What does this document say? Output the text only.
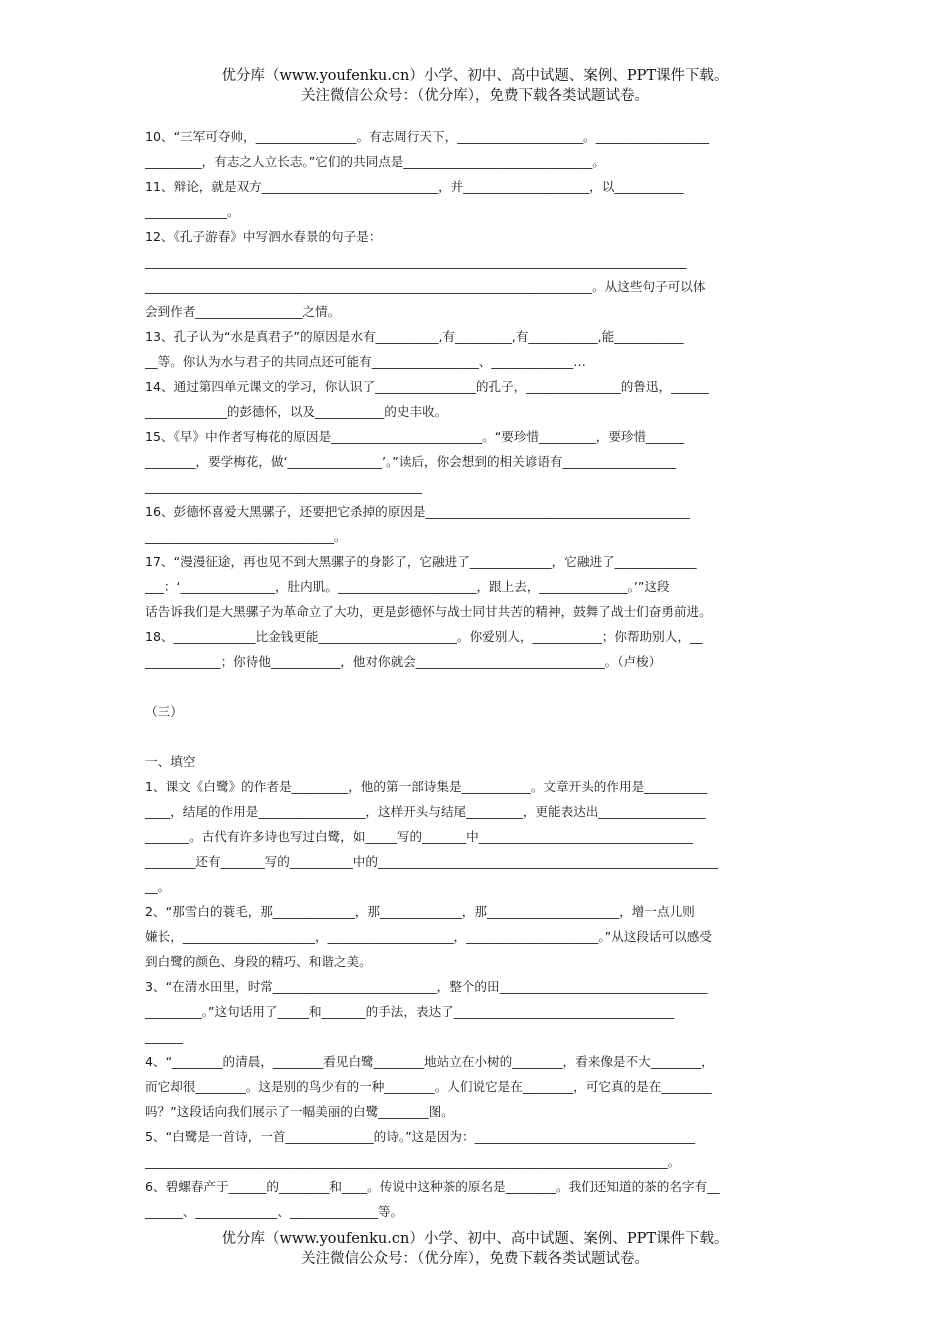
优分库（www.youfenku.cn）小学、初中、高中试题、案例、PPT课件下载。
关注微信公众号：（优分库），免费下载各类试题试卷。
10、“三军可夺帅，________________。有志周行天下，____________________。__________________
_________，有志之人立长志。”它们的共同点是______________________________。
11、辩论，就是双方____________________________，并____________________，以___________
_____________。
12、《孔子游春》中写泗水春景的句子是：
______________________________________________________________________________________
_______________________________________________________________________。从这些句子可以体
会到作者_________________之情。
13、孔子认为“水是真君子”的原因是水有__________,有_________,有___________,能___________
__等。你认为水与君子的共同点还可能有_________________、_____________…
14、通过第四单元课文的学习，你认识了________________的孔子，_______________的鲁迅，______
_____________的彭德怀，以及___________的史丰收。
15、《早》中作者写梅花的原因是________________________。“要珍惜_________，要珍惜______
________，要学梅花，做‘_______________’。”读后，你会想到的相关谚语有__________________
____________________________________________
16、彭德怀喜爱大黑骡子，还要把它杀掉的原因是__________________________________________
______________________________。
17、“漫漫征途，再也见不到大黑骡子的身影了，它融进了_____________，它融进了_____________
___：‘_______________，肚内肌。______________________，跟上去，______________。’”这段
话告诉我们是大黑骡子为革命立了大功，更是彭德怀与战士同甘共苦的精神，鼓舞了战士们奋勇前进。
18、_____________比金钱更能______________________。你爱别人，___________；你帮助别人，__
____________；你待他___________，他对你就会______________________________。（卢梭）
（三）
一、填空
1、课文《白鹭》的作者是_________，他的第一部诗集是___________。文章开头的作用是__________
____，结尾的作用是_________________，这样开头与结尾_________，更能表达出_________________
_______。古代有许多诗也写过白鹭，如_____写的_______中__________________________________
________还有_______写的__________中的______________________________________________________
__。
2、“那雪白的蓑毛，那_____________，那_____________，那_____________________，增一点儿则
嫌长，_____________________，____________________，_____________________。”从这段话可以感受
到白鹭的颜色、身段的精巧、和谐之美。
3、“在清水田里，时常__________________________，整个的田_________________________________
_________。”这句话用了_____和_______的手法，表达了___________________________________
______
4、“________的清晨，________看见白鹭________地站立在小树的________，看来像是不大________，
而它却很________。这是别的鸟少有的一种________。人们说它是在________，可它真的是在________
吗？”这段话向我们展示了一幅美丽的白鹭________图。
5、“白鹭是一首诗，一首______________的诗。”这是因为：___________________________________
___________________________________________________________________________________。
6、碧螺春产于______的________和____。传说中这种茶的原名是________。我们还知道的茶的名字有__
______、_____________、______________等。
优分库（www.youfenku.cn）小学、初中、高中试题、案例、PPT课件下载。
关注微信公众号：（优分库），免费下载各类试题试卷。
